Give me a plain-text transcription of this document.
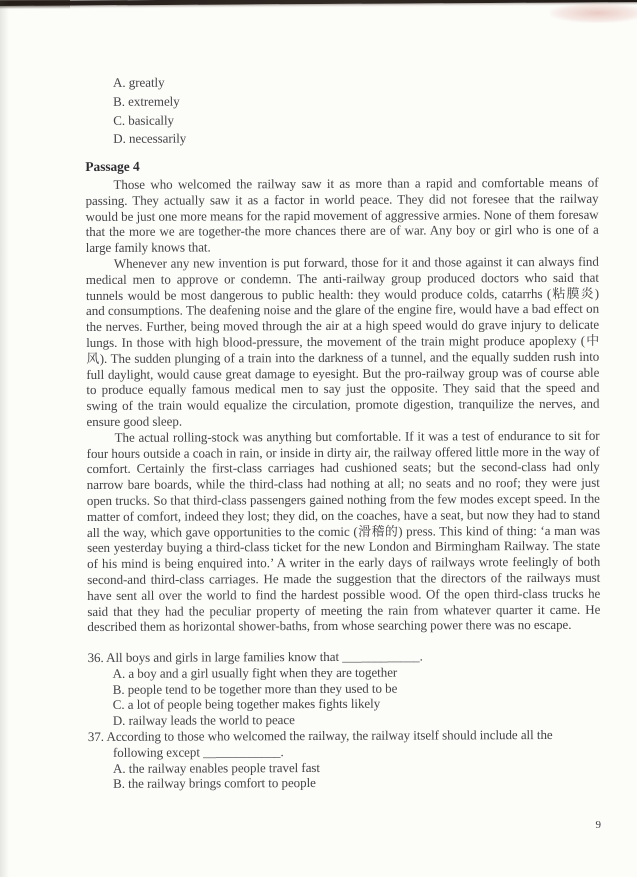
A. greatly
B. extremely
C. basically
D. necessarily
Passage 4

Those who welcomed the railway saw it as more than a rapid and comfortable means of passing. They actually saw it as a factor in world peace. They did not foresee that the railway would be just one more means for the rapid movement of aggressive armies. None of them foresaw that the more we are together-the more chances there are of war. Any boy or girl who is one of a large family knows that.

Whenever any new invention is put forward, those for it and those against it can always find medical men to approve or condemn. The anti-railway group produced doctors who said that tunnels would be most dangerous to public health: they would produce colds, catarrhs (粘膜炎) and consumptions. The deafening noise and the glare of the engine fire, would have a bad effect on the nerves. Further, being moved through the air at a high speed would do grave injury to delicate lungs. In those with high blood-pressure, the movement of the train might produce apoplexy (中风). The sudden plunging of a train into the darkness of a tunnel, and the equally sudden rush into full daylight, would cause great damage to eyesight. But the pro-railway group was of course able to produce equally famous medical men to say just the opposite. They said that the speed and swing of the train would equalize the circulation, promote digestion, tranquilize the nerves, and ensure good sleep.

The actual rolling-stock was anything but comfortable. If it was a test of endurance to sit for four hours outside a coach in rain, or inside in dirty air, the railway offered little more in the way of comfort. Certainly the first-class carriages had cushioned seats; but the second-class had only narrow bare boards, while the third-class had nothing at all; no seats and no roof; they were just open trucks. So that third-class passengers gained nothing from the few modes except speed. In the matter of comfort, indeed they lost; they did, on the coaches, have a seat, but now they had to stand all the way, which gave opportunities to the comic (滑稽的) press. This kind of thing: ‘a man was seen yesterday buying a third-class ticket for the new London and Birmingham Railway. The state of his mind is being enquired into.’ A writer in the early days of railways wrote feelingly of both second-and third-class carriages. He made the suggestion that the directors of the railways must have sent all over the world to find the hardest possible wood. Of the open third-class trucks he said that they had the peculiar property of meeting the rain from whatever quarter it came. He described them as horizontal shower-baths, from whose searching power there was no escape.

36. All boys and girls in large families know that ____________.
A. a boy and a girl usually fight when they are together
B. people tend to be together more than they used to be
C. a lot of people being together makes fights likely
D. railway leads the world to peace
37. According to those who welcomed the railway, the railway itself should include all the following except ____________.
A. the railway enables people travel fast
B. the railway brings comfort to people
9
